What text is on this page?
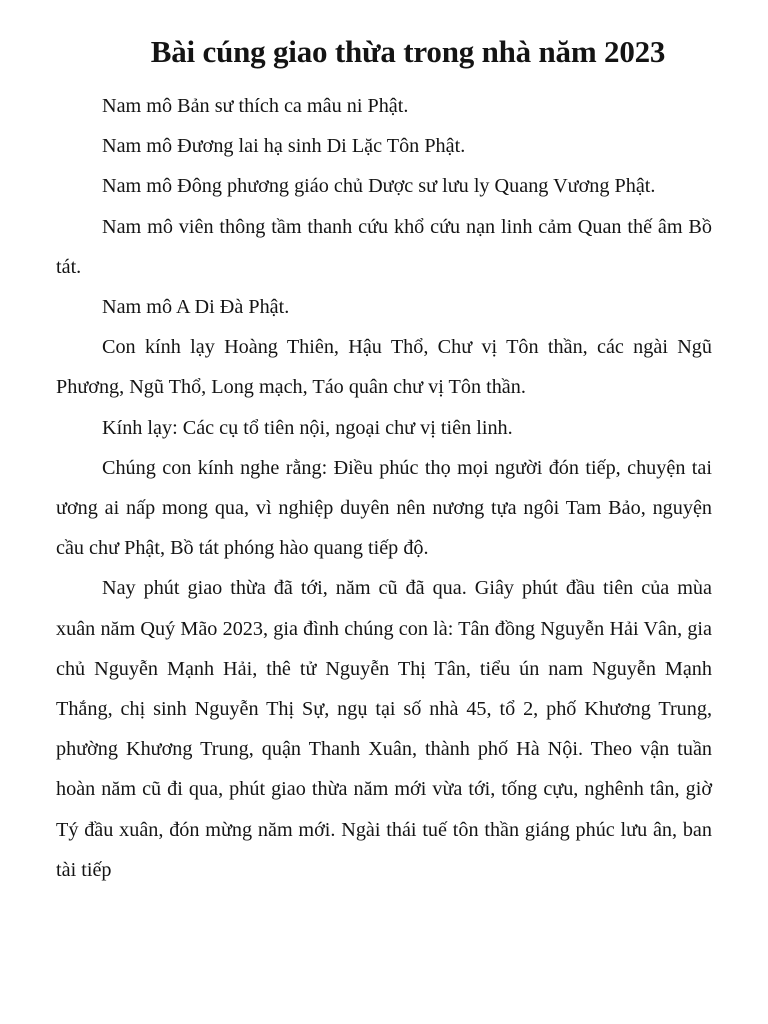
Bài cúng giao thừa trong nhà năm 2023

Nam mô Bản sư thích ca mâu ni Phật.

Nam mô Đương lai hạ sinh Di Lặc Tôn Phật.

Nam mô Đông phương giáo chủ Dược sư lưu ly Quang Vương Phật.

Nam mô viên thông tầm thanh cứu khổ cứu nạn linh cảm Quan thế âm Bồ tát.

Nam mô A Di Đà Phật.

Con kính lạy Hoàng Thiên, Hậu Thổ, Chư vị Tôn thần, các ngài Ngũ Phương, Ngũ Thổ, Long mạch, Táo quân chư vị Tôn thần.

Kính lạy: Các cụ tổ tiên nội, ngoại chư vị tiên linh.

Chúng con kính nghe rằng: Điều phúc thọ mọi người đón tiếp, chuyện tai ương ai nấp mong qua, vì nghiệp duyên nên nương tựa ngôi Tam Bảo, nguyện cầu chư Phật, Bồ tát phóng hào quang tiếp độ.

Nay phút giao thừa đã tới, năm cũ đã qua. Giây phút đầu tiên của mùa xuân năm Quý Mão 2023, gia đình chúng con là: Tân đồng Nguyễn Hải Vân, gia chủ Nguyễn Mạnh Hải, thê tử Nguyễn Thị Tân, tiểu ún nam Nguyễn Mạnh Thắng, chị sinh Nguyễn Thị Sự, ngụ tại số nhà 45, tổ 2, phố Khương Trung, phường Khương Trung, quận Thanh Xuân, thành phố Hà Nội. Theo vận tuần hoàn năm cũ đi qua, phút giao thừa năm mới vừa tới, tống cựu, nghênh tân, giờ Tý đầu xuân, đón mừng năm mới. Ngài thái tuế tôn thần giáng phúc lưu ân, ban tài tiếp
